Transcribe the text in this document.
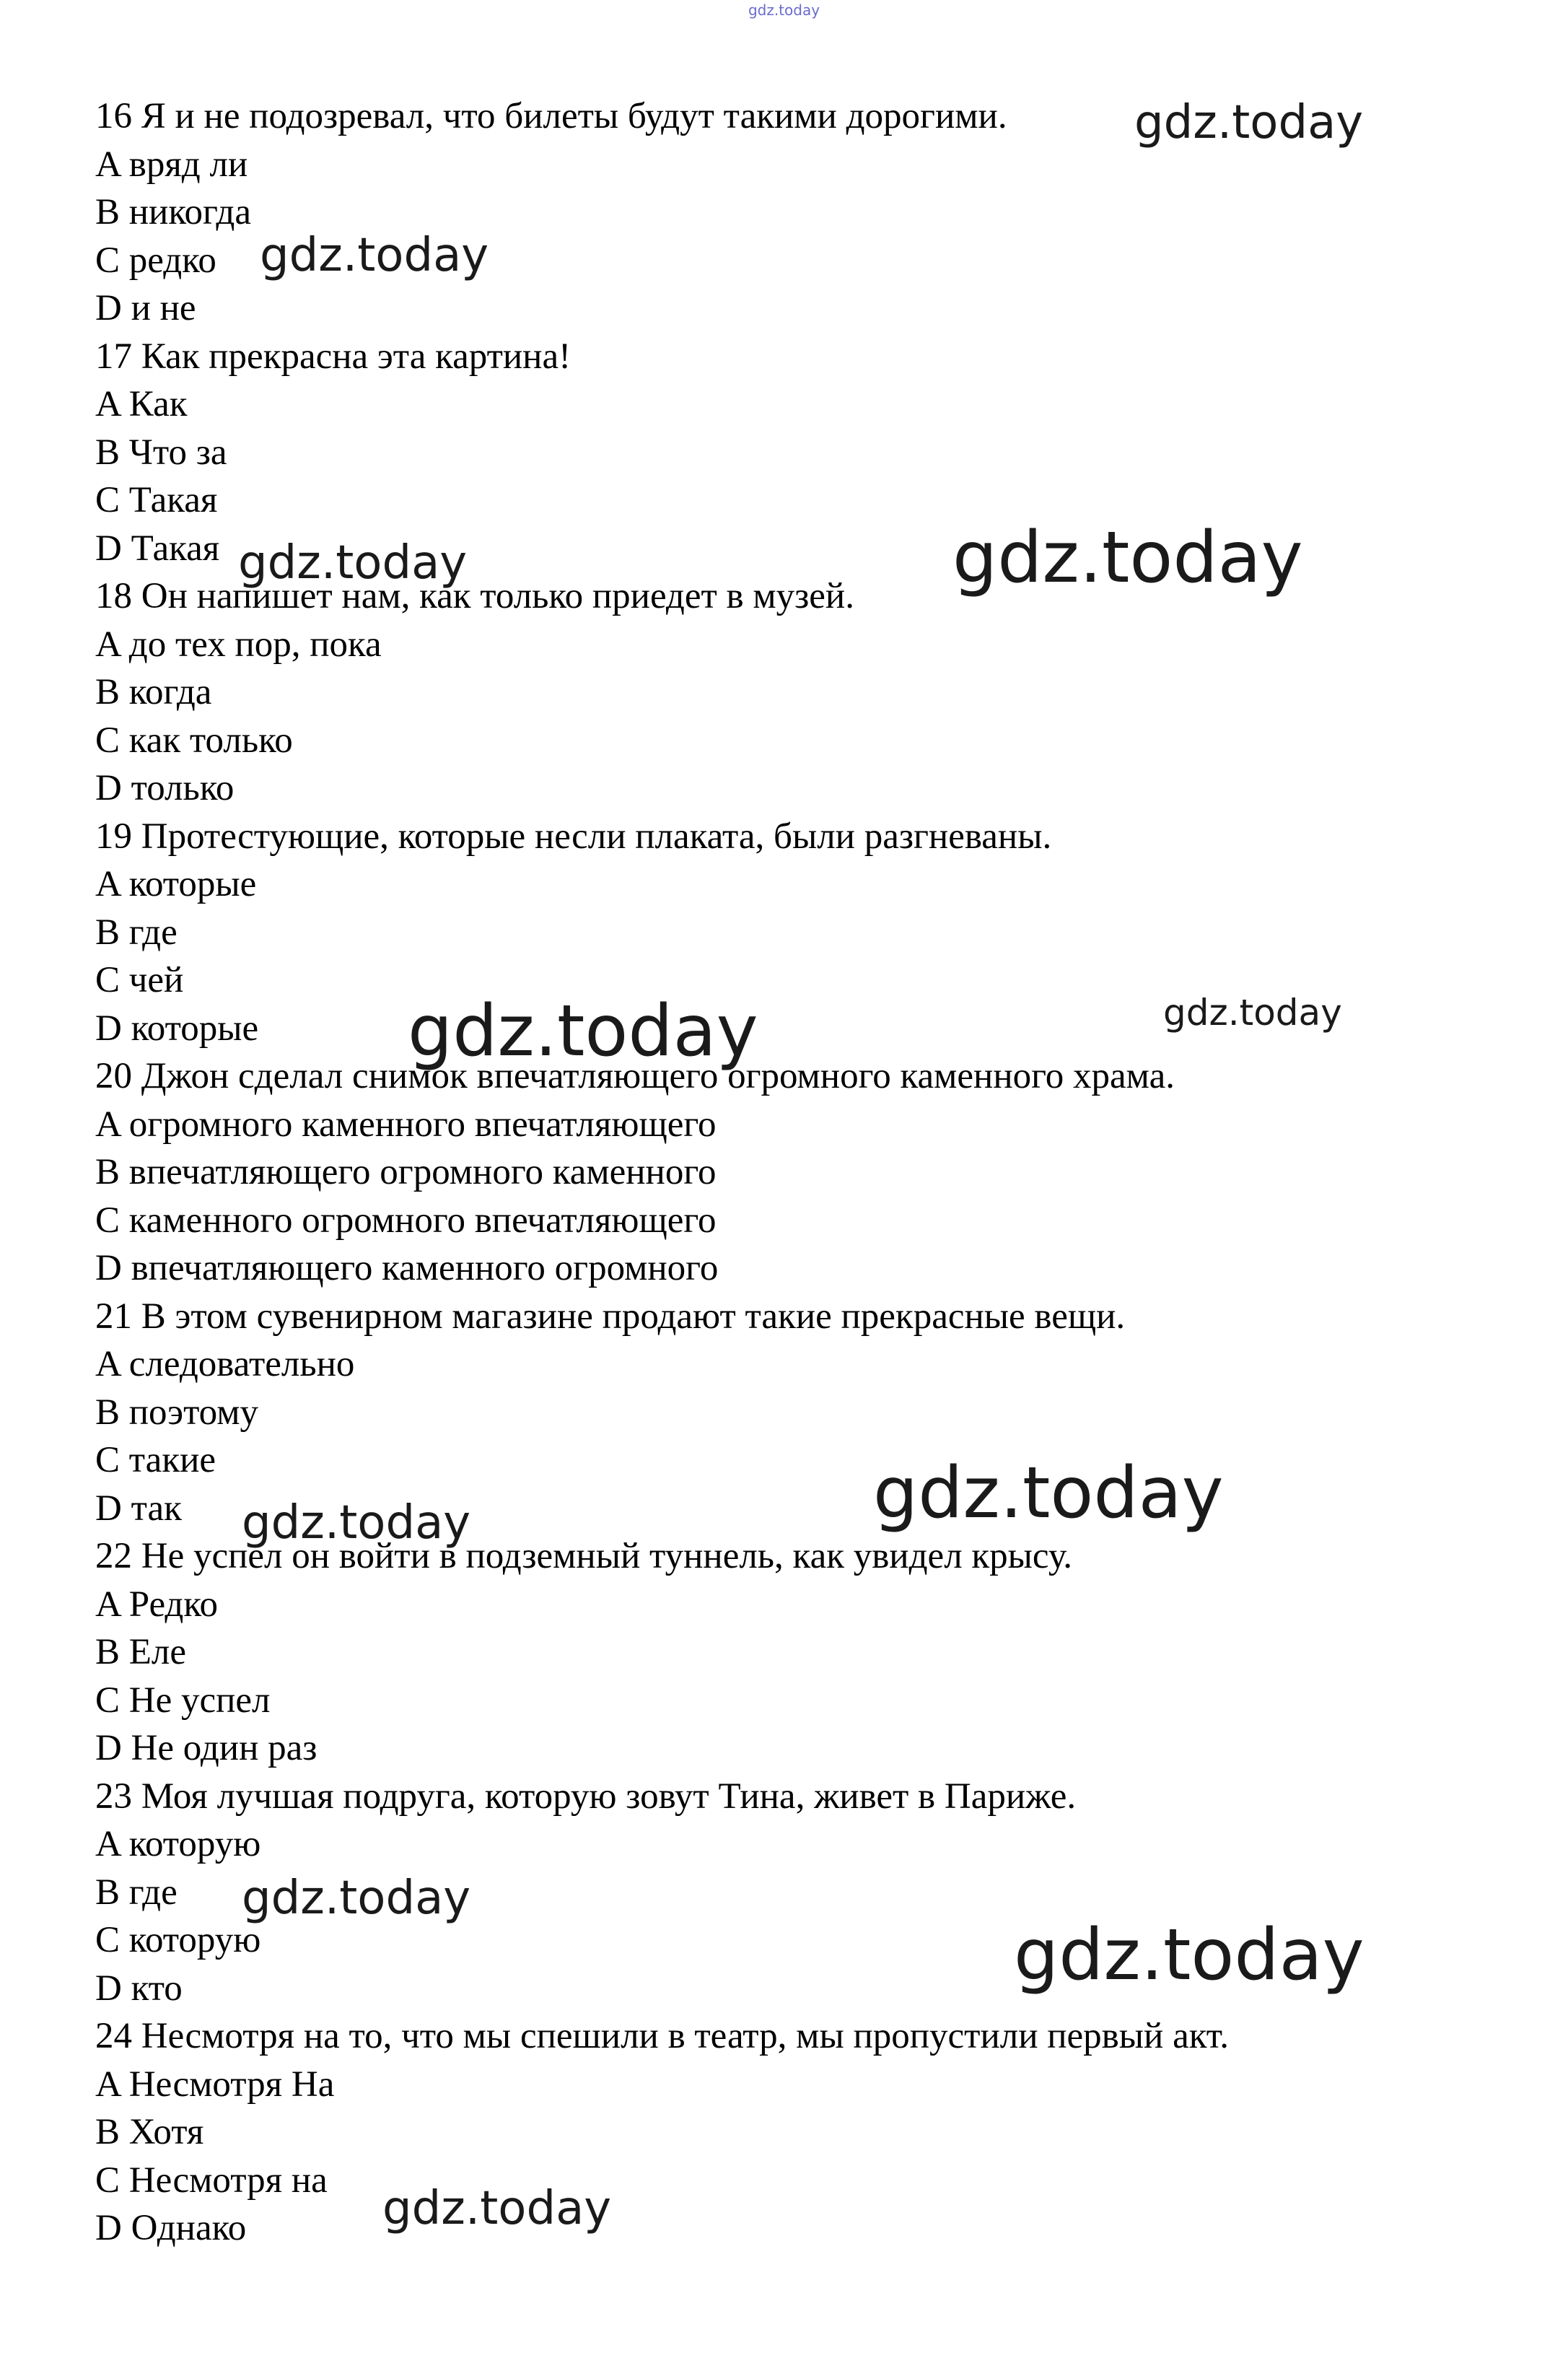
gdz.today
16 Я и не подозревал, что билеты будут такими дорогими.
A вряд ли
B никогда
C редко
D и не
17 Как прекрасна эта картина!
A Как
B Что за
C Такая
D Такая
18 Он напишет нам, как только приедет в музей.
A до тех пор, пока
B когда
C как только
D только
19 Протестующие, которые несли плаката, были разгневаны.
A которые
B где
C чей
D которые
20 Джон сделал снимок впечатляющего огромного каменного храма.
A огромного каменного впечатляющего
B впечатляющего огромного каменного
C каменного огромного впечатляющего
D впечатляющего каменного огромного
21 В этом сувенирном магазине продают такие прекрасные вещи.
A следовательно
B поэтому
C такие
D так
22 Не успел он войти в подземный туннель, как увидел крысу.
A Редко
B Еле
C Не успел
D Не один раз
23 Моя лучшая подруга, которую зовут Тина, живет в Париже.
A которую
B где
C которую
D кто
24 Несмотря на то, что мы спешили в театр, мы пропустили первый акт.
A Несмотря На
B Хотя
C Несмотря на
D Однако
gdz.today
gdz.today
gdz.today	gdz.today
gdz.today	gdz.today
gdz.today
gdz.today
gdz.today
gdz.today
gdz.today
